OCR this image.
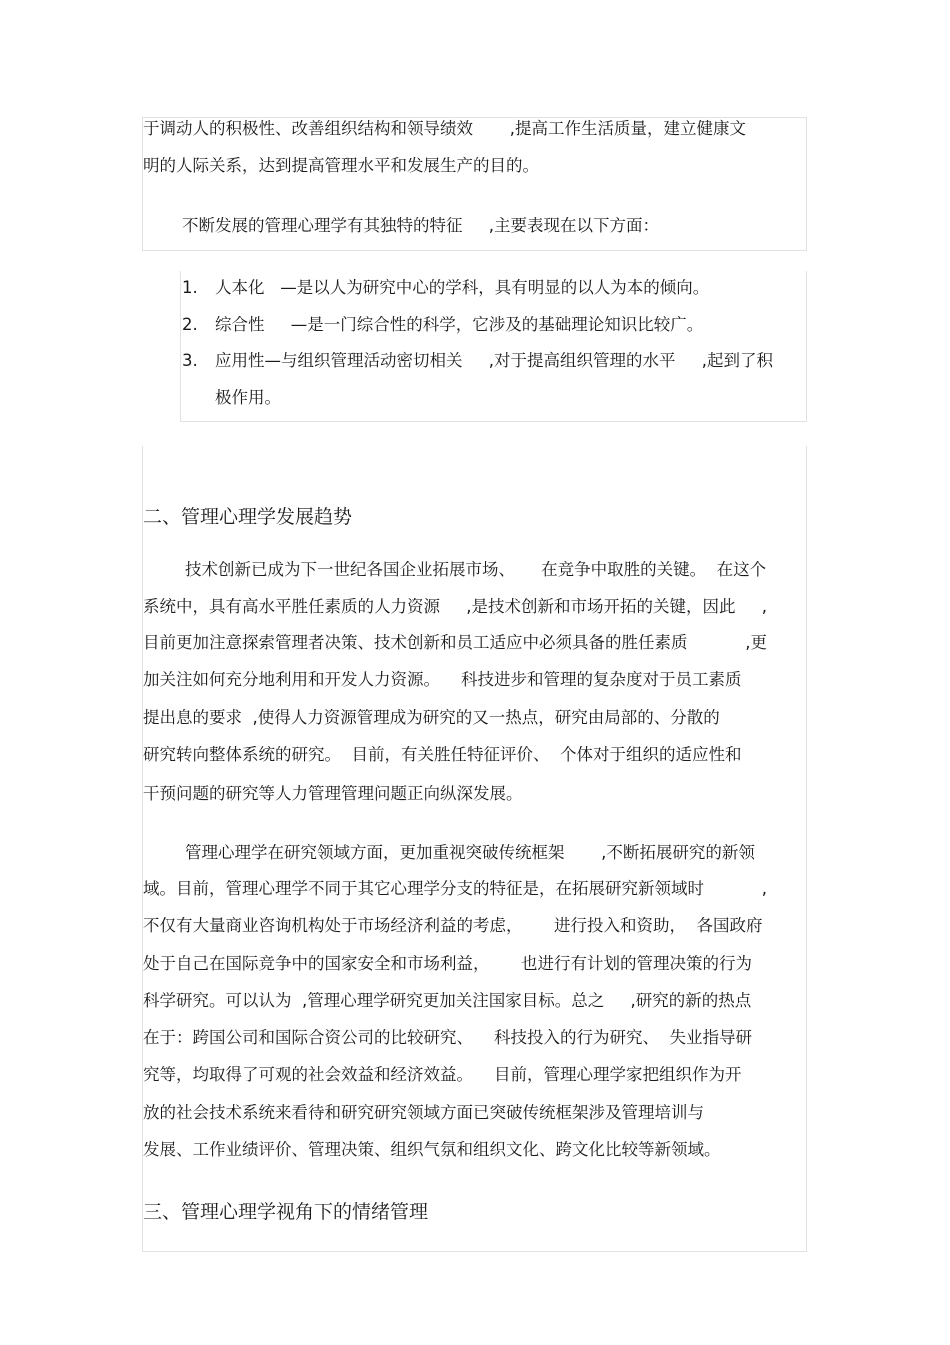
于调动人的积极性、改善组织结构和领导绩效       ,提高工作生活质量，建立健康文
明的人际关系，达到提高管理水平和发展生产的目的。
不断发展的管理心理学有其独特的特征     ,主要表现在以下方面：
1. 人本化   —是以人为研究中心的学科，具有明显的以人为本的倾向。
2. 综合性     —是一门综合性的科学，它涉及的基础理论知识比较广。
3. 应用性—与组织管理活动密切相关     ,对于提高组织管理的水平     ,起到了积
极作用。
二、管理心理学发展趋势
技术创新已成为下一世纪各国企业拓展市场、     在竞争中取胜的关键。  在这个
系统中，具有高水平胜任素质的人力资源     ,是技术创新和市场开拓的关键，因此     ,
目前更加注意探索管理者决策、技术创新和员工适应中必须具备的胜任素质           ,更
加关注如何充分地利用和开发人力资源。    科技进步和管理的复杂度对于员工素质
提出息的要求  ,使得人力资源管理成为研究的又一热点，研究由局部的、分散的
研究转向整体系统的研究。  目前，有关胜任特征评价、  个体对于组织的适应性和
干预问题的研究等人力管理管理问题正向纵深发展。
管理心理学在研究领域方面，更加重视突破传统框架       ,不断拓展研究的新领
域。目前，管理心理学不同于其它心理学分支的特征是，在拓展研究新领域时           ,
不仅有大量商业咨询机构处于市场经济利益的考虑，      进行投入和资助，  各国政府
处于自己在国际竞争中的国家安全和市场利益，      也进行有计划的管理决策的行为
科学研究。可以认为  ,管理心理学研究更加关注国家目标。总之     ,研究的新的热点
在于：跨国公司和国际合资公司的比较研究、    科技投入的行为研究、  失业指导研
究等，均取得了可观的社会效益和经济效益。    目前，管理心理学家把组织作为开
放的社会技术系统来看待和研究研究领域方面已突破传统框架涉及管理培训与
发展、工作业绩评价、管理决策、组织气氛和组织文化、跨文化比较等新领域。
三、管理心理学视角下的情绪管理
